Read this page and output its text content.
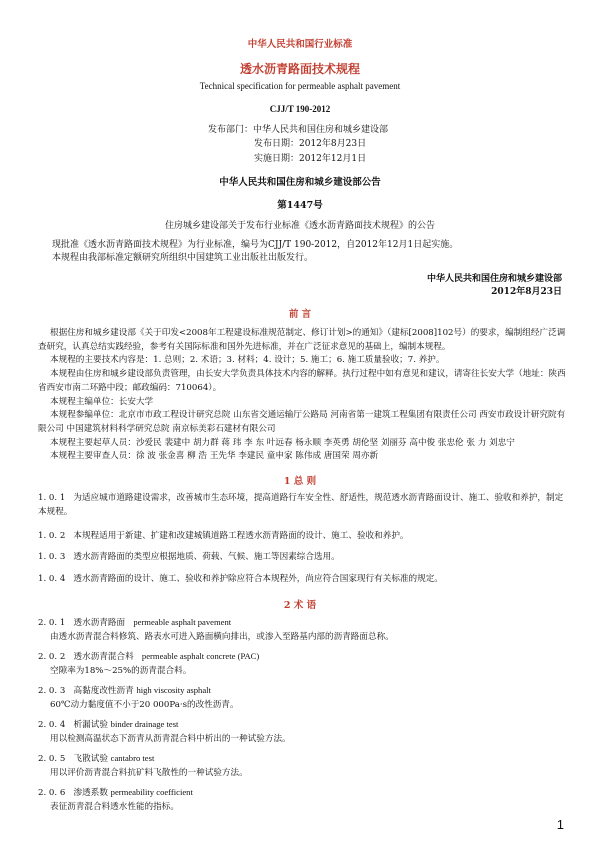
中华人民共和国行业标准
透水沥青路面技术规程
Technical specification for permeable asphalt pavement
CJJ/T 190-2012
发布部门：中华人民共和国住房和城乡建设部
发布日期：2012年8月23日
实施日期：2012年12月1日
中华人民共和国住房和城乡建设部公告
第1447号
住房城乡建设部关于发布行业标准《透水沥青路面技术规程》的公告
现批准《透水沥青路面技术规程》为行业标准，编号为CJJ/T 190-2012，自2012年12月1日起实施。
本规程由我部标准定额研究所组织中国建筑工业出版社出版发行。
中华人民共和国住房和城乡建设部
2012年8月23日
前 言

根据住房和城乡建设部《关于印发<2008年工程建设标准规范制定、修订计划>的通知》（建标[2008]102号）的要求，编制组经广泛调查研究，认真总结实践经验，参考有关国际标准和国外先进标准，并在广泛征求意见的基础上，编制本规程。

本规程的主要技术内容是：1. 总则；2. 术语；3. 材料；4. 设计；5. 施工；6. 施工质量验收；7. 养护。

本规程由住房和城乡建设部负责管理，由长安大学负责具体技术内容的解释。执行过程中如有意见和建议，请寄往长安大学（地址：陕西省西安市南二环路中段；邮政编码：710064）。

本规程主编单位：长安大学

本规程参编单位：北京市市政工程设计研究总院 山东省交通运输厅公路局 河南省第一建筑工程集团有限责任公司 西安市政设计研究院有限公司 中国建筑材料科学研究总院 南京标美彩石建材有限公司

本规程主要起草人员：沙爱民 裴建中 胡力群 蒋 玮 李 东 叶远春 杨永顺 李英勇 胡伦坚 刘丽芬 高中俊 张忠伦 张 力 刘忠宁

本规程主要审查人员：徐 波 张金喜 柳 浩 王先华 李建民 童申家 陈伟成 唐国荣 周亦新

1 总 则
1. 0. 1 为适应城市道路建设需求，改善城市生态环境，提高道路行车安全性、舒适性，规范透水沥青路面设计、施工、验收和养护，制定本规程。
1. 0. 2 本规程适用于新建、扩建和改建城镇道路工程透水沥青路面的设计、施工、验收和养护。
1. 0. 3 透水沥青路面的类型应根据地质、荷载、气候、施工等因素综合选用。
1. 0. 4 透水沥青路面的设计、施工、验收和养护除应符合本规程外，尚应符合国家现行有关标准的规定。
2 术 语
2. 0. 1 透水沥青路面 permeable asphalt pavement
由透水沥青混合料修筑、路表水可进入路面横向排出，或渗入至路基内部的沥青路面总称。
2. 0. 2 透水沥青混合料 permeable asphalt concrete (PAC)
空隙率为18%～25%的沥青混合料。
2. 0. 3 高黏度改性沥青 high viscosity asphalt
60℃动力黏度值不小于20 000Pa·s的改性沥青。
2. 0. 4 析漏试验 binder drainage test
用以检测高温状态下沥青从沥青混合料中析出的一种试验方法。
2. 0. 5 飞散试验 cantabro test
用以评价沥青混合料抗矿料飞散性的一种试验方法。
2. 0. 6 渗透系数 permeability coefficient
表征沥青混合料透水性能的指标。
1
